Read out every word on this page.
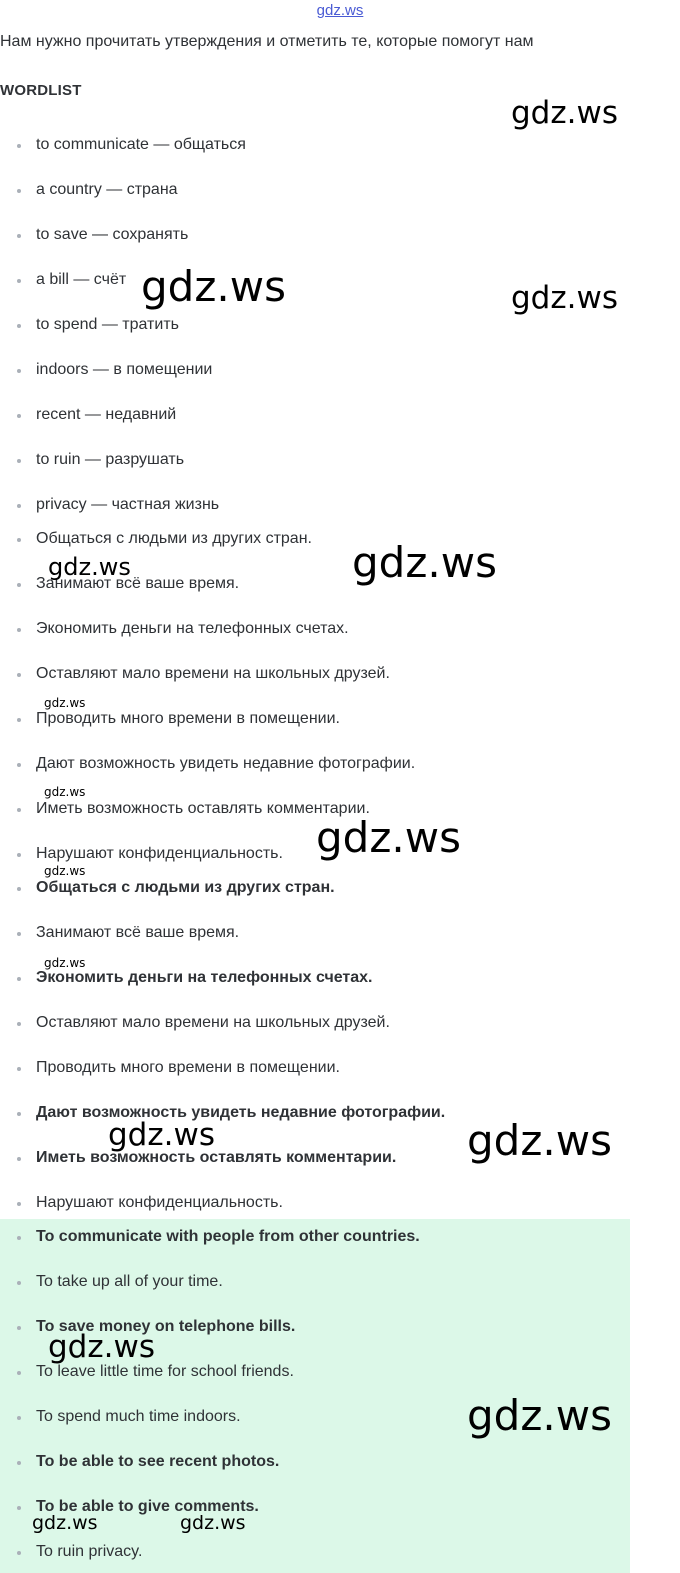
gdz.ws

Нам нужно прочитать утверждения и отметить те, которые помогут нам

WORDLIST

to communicate — общаться
a country — страна
to save — сохранять
a bill — счёт
to spend — тратить
indoors — в помещении
recent — недавний
to ruin — разрушать
privacy — частная жизнь
Общаться с людьми из других стран.
Занимают всё ваше время.
Экономить деньги на телефонных счетах.
Оставляют мало времени на школьных друзей.
Проводить много времени в помещении.
Дают возможность увидеть недавние фотографии.
Иметь возможность оставлять комментарии.
Нарушают конфиденциальность.
Общаться с людьми из других стран.
Занимают всё ваше время.
Экономить деньги на телефонных счетах.
Оставляют мало времени на школьных друзей.
Проводить много времени в помещении.
Дают возможность увидеть недавние фотографии.
Иметь возможность оставлять комментарии.
Нарушают конфиденциальность.
To communicate with people from other countries.
To take up all of your time.
To save money on telephone bills.
To leave little time for school friends.
To spend much time indoors.
To be able to see recent photos.
To be able to give comments.
To ruin privacy.
gdz.ws
gdz.ws	gdz.ws
gdz.ws
gdz.ws
gdz.ws
gdz.ws
gdz.ws
gdz.ws
gdz.ws
gdz.ws	gdz.ws
gdz.ws
gdz.ws
gdz.ws	gdz.ws
